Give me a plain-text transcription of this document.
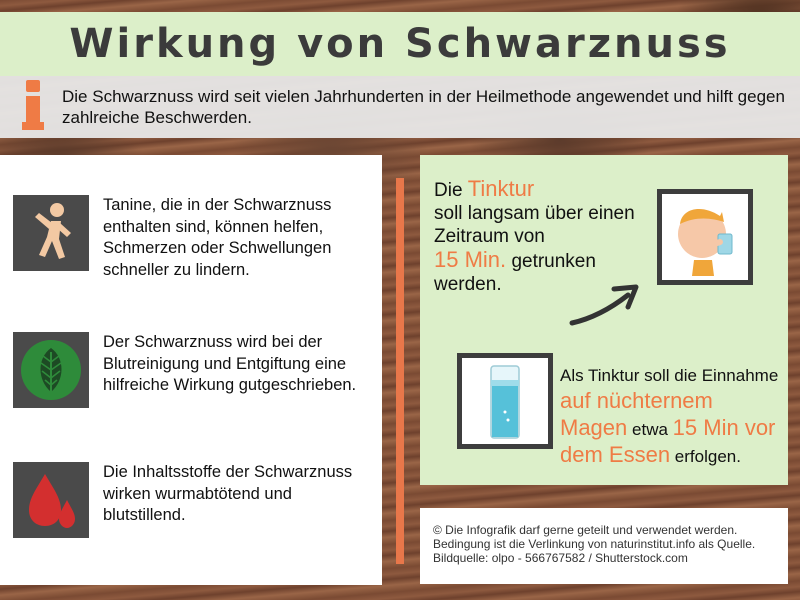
Wirkung von Schwarznuss
Die Schwarznuss wird seit vielen Jahrhunderten in der Heilmethode angewendet und hilft gegen zahlreiche Beschwerden.
Tanine, die in der Schwarznuss enthalten sind, können helfen, Schmerzen oder Schwellungen schneller zu lindern.
Der Schwarznuss wird bei der Blutreinigung und Entgiftung eine hilfreiche Wirkung gutgeschrieben.
Die Inhaltsstoffe der Schwarznuss wirken wurmabtötend und blutstillend.
Die Tinktur
soll langsam über einen Zeitraum von
15 Min. getrunken werden.
Als Tinktur soll die Einnahme
auf nüchternem Magen etwa 15 Min vor dem Essen erfolgen.
© Die Infografik darf gerne geteilt und verwendet werden. Bedingung ist die Verlinkung von naturinstitut.info als Quelle. Bildquelle: olpo - 566767582 / Shutterstock.com
